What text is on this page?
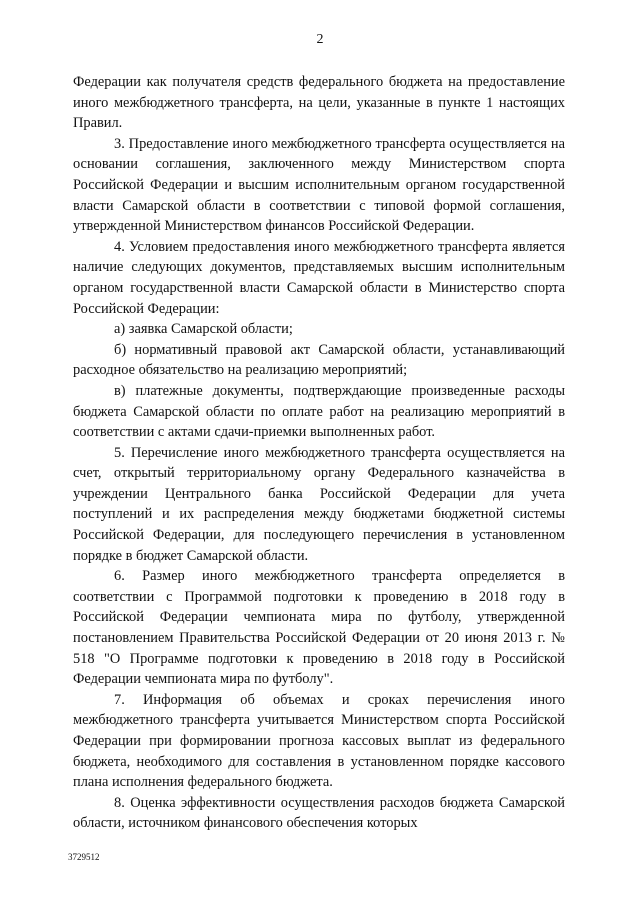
2

Федерации как получателя средств федерального бюджета на предоставление иного межбюджетного трансферта, на цели, указанные в пункте 1 настоящих Правил.

3. Предоставление иного межбюджетного трансферта осуществляется на основании соглашения, заключенного между Министерством спорта Российской Федерации и высшим исполнительным органом государственной власти Самарской области в соответствии с типовой формой соглашения, утвержденной Министерством финансов Российской Федерации.

4. Условием предоставления иного межбюджетного трансферта является наличие следующих документов, представляемых высшим исполнительным органом государственной власти Самарской области в Министерство спорта Российской Федерации:

а) заявка Самарской области;

б) нормативный правовой акт Самарской области, устанавливающий расходное обязательство на реализацию мероприятий;

в) платежные документы, подтверждающие произведенные расходы бюджета Самарской области по оплате работ на реализацию мероприятий в соответствии с актами сдачи-приемки выполненных работ.

5. Перечисление иного межбюджетного трансферта осуществляется на счет, открытый территориальному органу Федерального казначейства в учреждении Центрального банка Российской Федерации для учета поступлений и их распределения между бюджетами бюджетной системы Российской Федерации, для последующего перечисления в установленном порядке в бюджет Самарской области.

6. Размер иного межбюджетного трансферта определяется в соответствии с Программой подготовки к проведению в 2018 году в Российской Федерации чемпионата мира по футболу, утвержденной постановлением Правительства Российской Федерации от 20 июня 2013 г. № 518 "О Программе подготовки к проведению в 2018 году в Российской Федерации чемпионата мира по футболу".

7. Информация об объемах и сроках перечисления иного межбюджетного трансферта учитывается Министерством спорта Российской Федерации при формировании прогноза кассовых выплат из федерального бюджета, необходимого для составления в установленном порядке кассового плана исполнения федерального бюджета.

8. Оценка эффективности осуществления расходов бюджета Самарской области, источником финансового обеспечения которых

3729512
